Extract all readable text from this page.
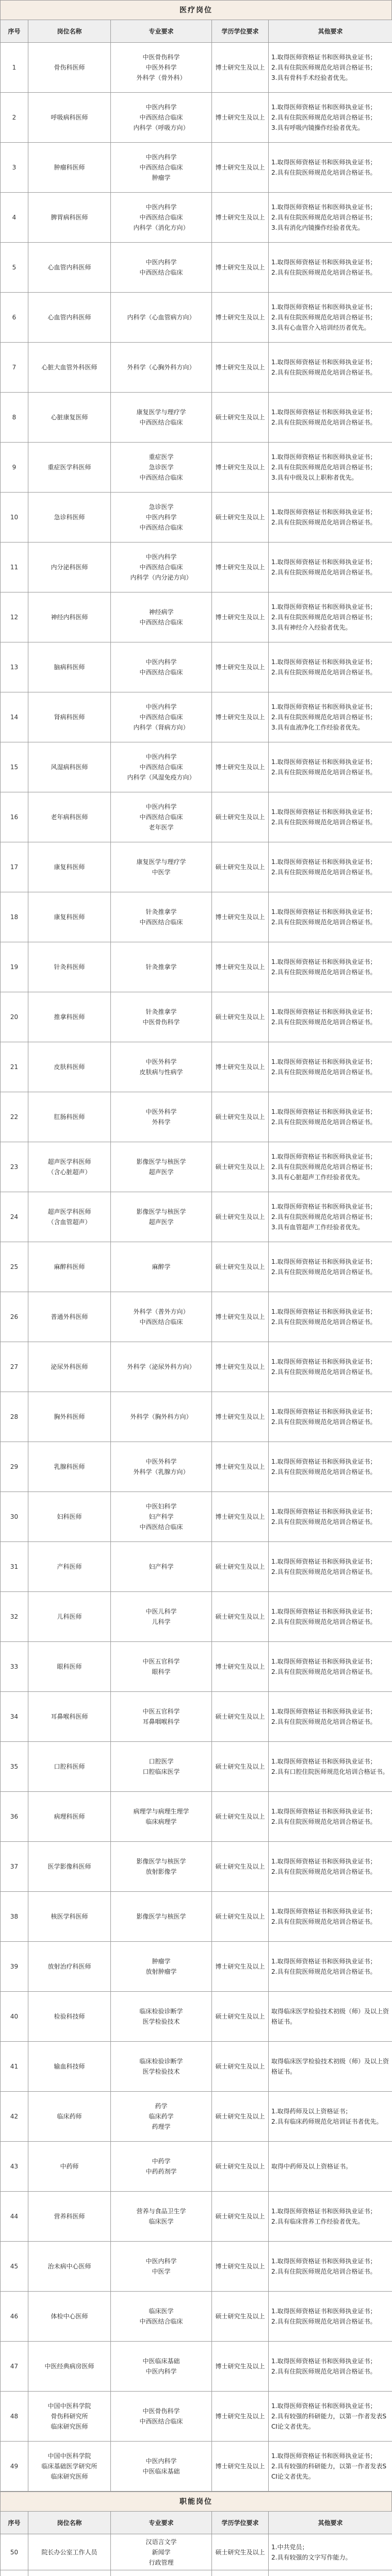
医疗岗位
序号	岗位名称	专业要求	学历学位要求	其他要求
1	骨伤科医师	中医骨伤科学
中医外科学
外科学（骨外科）	博士研究生及以上	1.取得医师资格证书和医师执业证书；
2.具有住院医师规范化培训合格证书；
3.具有骨科手术经验者优先。
2	呼吸病科医师	中医内科学
中西医结合临床
内科学（呼吸方向）	博士研究生及以上	1.取得医师资格证书和医师执业证书；
2.具有住院医师规范化培训合格证书；
3.具有呼吸内镜操作经验者优先。
3	肿瘤科医师	中医内科学
中西医结合临床
肿瘤学	博士研究生及以上	1.取得医师资格证书和医师执业证书；
2.具有住院医师规范化培训合格证书。
4	脾胃病科医师	中医内科学
中西医结合临床
内科学（消化方向）	博士研究生及以上	1.取得医师资格证书和医师执业证书；
2.具有住院医师规范化培训合格证书；
3.具有消化内镜操作经验者优先。
5	心血管内科医师	中医内科学
中西医结合临床	博士研究生及以上	1.取得医师资格证书和医师执业证书；
2.具有住院医师规范化培训合格证书。
6	心血管内科医师	内科学（心血管病方向）	博士研究生及以上	1.取得医师资格证书和医师执业证书；
2.具有住院医师规范化培训合格证书；
3.具有心血管介入培训经历者优先。
7	心脏大血管外科医师	外科学（心胸外科方向）	博士研究生及以上	1.取得医师资格证书和医师执业证书；
2.具有住院医师规范化培训合格证书。
8	心脏康复医师	康复医学与理疗学
中西医结合临床	硕士研究生及以上	1.取得医师资格证书和医师执业证书；
2.具有住院医师规范化培训合格证书。
9	重症医学科医师	重症医学
急诊医学
中西医结合临床	博士研究生及以上	1.取得医师资格证书和医师执业证书；
2.具有住院医师规范化培训合格证书；
3.具有中级及以上职称者优先。
10	急诊科医师	急诊医学
中医内科学
中西医结合临床	硕士研究生及以上	1.取得医师资格证书和医师执业证书；
2.具有住院医师规范化培训合格证书。
11	内分泌科医师	中医内科学
中西医结合临床
内科学（内分泌方向）	博士研究生及以上	1.取得医师资格证书和医师执业证书；
2.具有住院医师规范化培训合格证书。
12	神经内科医师	神经病学
中西医结合临床	博士研究生及以上	1.取得医师资格证书和医师执业证书；
2.具有住院医师规范化培训合格证书；
3.具有神经介入经验者优先。
13	脑病科医师	中医内科学
中西医结合临床	博士研究生及以上	1.取得医师资格证书和医师执业证书；
2.具有住院医师规范化培训合格证书。
14	肾病科医师	中医内科学
中西医结合临床
内科学（肾病方向）	博士研究生及以上	1.取得医师资格证书和医师执业证书；
2.具有住院医师规范化培训合格证书；
3.具有血液净化工作经验者优先。
15	风湿病科医师	中医内科学
中西医结合临床
内科学（风湿免疫方向）	博士研究生及以上	1.取得医师资格证书和医师执业证书；
2.具有住院医师规范化培训合格证书。
16	老年病科医师	中医内科学
中西医结合临床
老年医学	硕士研究生及以上	1.取得医师资格证书和医师执业证书；
2.具有住院医师规范化培训合格证书。
17	康复科医师	康复医学与理疗学
中医学	硕士研究生及以上	1.取得医师资格证书和医师执业证书；
2.具有住院医师规范化培训合格证书。
18	康复科医师	针灸推拿学
中西医结合临床	博士研究生及以上	1.取得医师资格证书和医师执业证书；
2.具有住院医师规范化培训合格证书。
19	针灸科医师	针灸推拿学	博士研究生及以上	1.取得医师资格证书和医师执业证书；
2.具有住院医师规范化培训合格证书。
20	推拿科医师	针灸推拿学
中医骨伤科学	硕士研究生及以上	1.取得医师资格证书和医师执业证书；
2.具有住院医师规范化培训合格证书。
21	皮肤科医师	中医外科学
皮肤病与性病学	博士研究生及以上	1.取得医师资格证书和医师执业证书；
2.具有住院医师规范化培训合格证书。
22	肛肠科医师	中医外科学
外科学	硕士研究生及以上	1.取得医师资格证书和医师执业证书；
2.具有住院医师规范化培训合格证书。
23	超声医学科医师
（含心脏超声）	影像医学与核医学
超声医学	硕士研究生及以上	1.取得医师资格证书和医师执业证书；
2.具有住院医师规范化培训合格证书；
3.具有心脏超声工作经验者优先。
24	超声医学科医师
（含血管超声）	影像医学与核医学
超声医学	硕士研究生及以上	1.取得医师资格证书和医师执业证书；
2.具有住院医师规范化培训合格证书；
3.具有血管超声工作经验者优先。
25	麻醉科医师	麻醉学	硕士研究生及以上	1.取得医师资格证书和医师执业证书；
2.具有住院医师规范化培训合格证书。
26	普通外科医师	外科学（普外方向）
中西医结合临床	博士研究生及以上	1.取得医师资格证书和医师执业证书；
2.具有住院医师规范化培训合格证书。
27	泌尿外科医师	外科学（泌尿外科方向）	博士研究生及以上	1.取得医师资格证书和医师执业证书；
2.具有住院医师规范化培训合格证书。
28	胸外科医师	外科学（胸外科方向）	博士研究生及以上	1.取得医师资格证书和医师执业证书；
2.具有住院医师规范化培训合格证书。
29	乳腺科医师	中医外科学
外科学（乳腺方向）	博士研究生及以上	1.取得医师资格证书和医师执业证书；
2.具有住院医师规范化培训合格证书。
30	妇科医师	中医妇科学
妇产科学
中西医结合临床	博士研究生及以上	1.取得医师资格证书和医师执业证书；
2.具有住院医师规范化培训合格证书。
31	产科医师	妇产科学	硕士研究生及以上	1.取得医师资格证书和医师执业证书；
2.具有住院医师规范化培训合格证书。
32	儿科医师	中医儿科学
儿科学	硕士研究生及以上	1.取得医师资格证书和医师执业证书；
2.具有住院医师规范化培训合格证书。
33	眼科医师	中医五官科学
眼科学	博士研究生及以上	1.取得医师资格证书和医师执业证书；
2.具有住院医师规范化培训合格证书。
34	耳鼻喉科医师	中医五官科学
耳鼻咽喉科学	硕士研究生及以上	1.取得医师资格证书和医师执业证书；
2.具有住院医师规范化培训合格证书。
35	口腔科医师	口腔医学
口腔临床医学	硕士研究生及以上	1.取得医师资格证书和医师执业证书；
2.具有口腔住院医师规范化培训合格证书。
36	病理科医师	病理学与病理生理学
临床病理学	硕士研究生及以上	1.取得医师资格证书和医师执业证书；
2.具有住院医师规范化培训合格证书。
37	医学影像科医师	影像医学与核医学
放射影像学	硕士研究生及以上	1.取得医师资格证书和医师执业证书；
2.具有住院医师规范化培训合格证书。
38	核医学科医师	影像医学与核医学	硕士研究生及以上	1.取得医师资格证书和医师执业证书；
2.具有住院医师规范化培训合格证书。
39	放射治疗科医师	肿瘤学
放射肿瘤学	博士研究生及以上	1.取得医师资格证书和医师执业证书；
2.具有住院医师规范化培训合格证书。
40	检验科技师	临床检验诊断学
医学检验技术	硕士研究生及以上	取得临床医学检验技术初级（师）及以上资格证书。
41	输血科技师	临床检验诊断学
医学检验技术	硕士研究生及以上	取得临床医学检验技术初级（师）及以上资格证书。
42	临床药师	药学
临床药学
药理学	硕士研究生及以上	1.取得药师及以上资格证书；
2.具有临床药师规范化培训证书者优先。
43	中药师	中药学
中药药剂学	硕士研究生及以上	取得中药师及以上资格证书。
44	营养科医师	营养与食品卫生学
临床医学	硕士研究生及以上	1.取得医师资格证书和医师执业证书；
2.具有临床营养工作经验者优先。
45	治未病中心医师	中医内科学
中医学	博士研究生及以上	1.取得医师资格证书和医师执业证书；
2.具有住院医师规范化培训合格证书。
46	体检中心医师	临床医学
中西医结合临床	硕士研究生及以上	1.取得医师资格证书和医师执业证书；
2.具有住院医师规范化培训合格证书。
47	中医经典病房医师	中医临床基础
中医内科学	博士研究生及以上	1.取得医师资格证书和医师执业证书；
2.具有住院医师规范化培训合格证书。
48	中国中医科学院
骨伤科研究所
临床研究医师	中医骨伤科学
中西医结合临床	博士研究生及以上	1.取得医师资格证书和医师执业证书；
2.具有较强的科研能力，以第一作者发表SCI论文者优先。
49	中国中医科学院
临床基础医学研究所
临床研究医师	中医内科学
中医临床基础	博士研究生及以上	1.取得医师资格证书和医师执业证书；
2.具有较强的科研能力，以第一作者发表SCI论文者优先。
职能岗位
序号	岗位名称	专业要求	学历学位要求	其他要求
50	院长办公室工作人员	汉语言文学
新闻学
行政管理	硕士研究生及以上	1.中共党员；
2.具有较强的文字写作能力。
